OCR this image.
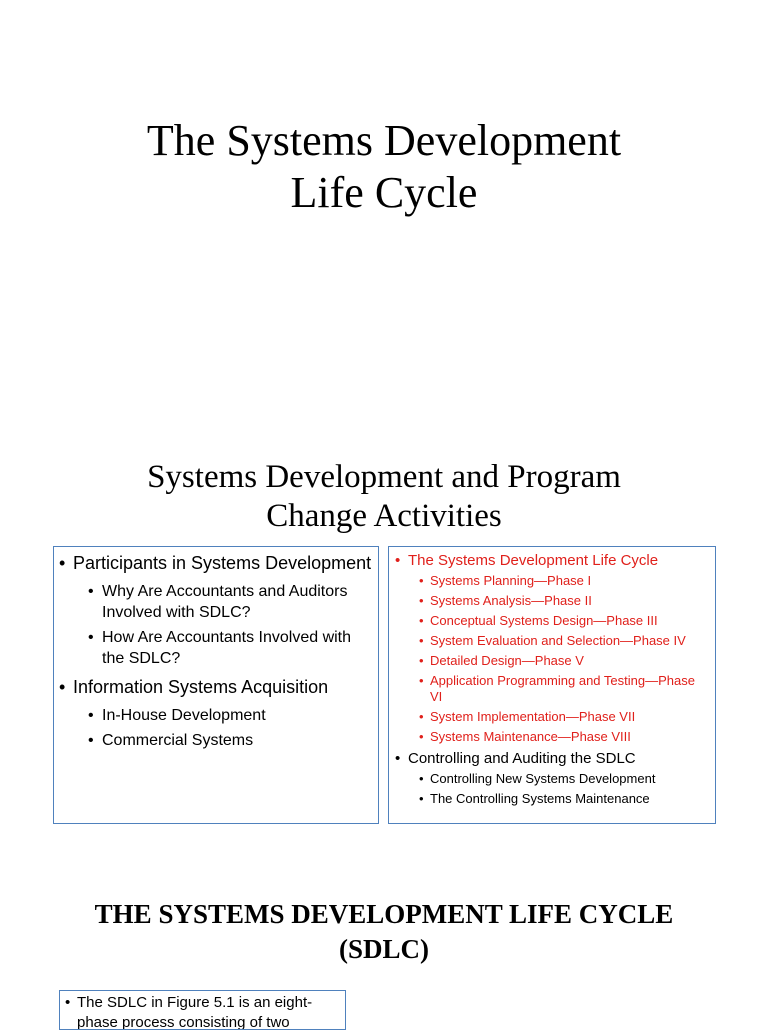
The Systems Development
Life Cycle
Systems Development and Program
Change Activities
• Participants in Systems Development
• Why Are Accountants and Auditors Involved with SDLC?
• How Are Accountants Involved with the SDLC?
• Information Systems Acquisition
• In-House Development
• Commercial Systems
• The Systems Development Life Cycle
• Systems Planning—Phase I
• Systems Analysis—Phase II
• Conceptual Systems Design—Phase III
• System Evaluation and Selection—Phase IV
• Detailed Design—Phase V
• Application Programming and Testing—Phase VI
• System Implementation—Phase VII
• Systems Maintenance—Phase VIII
• Controlling and Auditing the SDLC
• Controlling New Systems Development
• The Controlling Systems Maintenance
THE SYSTEMS DEVELOPMENT LIFE CYCLE
(SDLC)
• The SDLC in Figure 5.1 is an eight-phase process consisting of two
